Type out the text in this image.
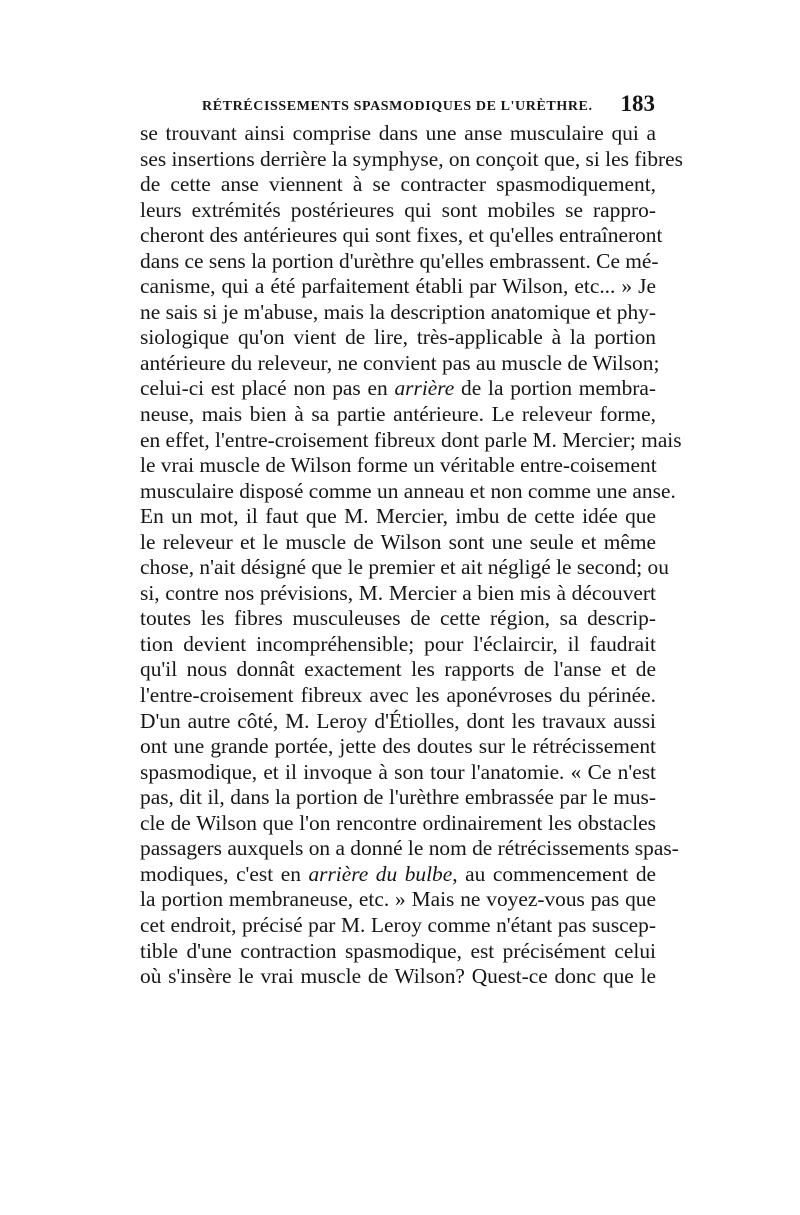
RÉTRÉCISSEMENTS SPASMODIQUES DE L'URÈTHRE. 183
se trouvant ainsi comprise dans une anse musculaire qui a
ses insertions derrière la symphyse, on conçoit que, si les fibres
de cette anse viennent à se contracter spasmodiquement,
leurs extrémités postérieures qui sont mobiles se rappro-
cheront des antérieures qui sont fixes, et qu'elles entraîneront
dans ce sens la portion d'urèthre qu'elles embrassent. Ce mé-
canisme, qui a été parfaitement établi par Wilson, etc... » Je
ne sais si je m'abuse, mais la description anatomique et phy-
siologique qu'on vient de lire, très-applicable à la portion
antérieure du releveur, ne convient pas au muscle de Wilson;
celui-ci est placé non pas en arrière de la portion membra-
neuse, mais bien à sa partie antérieure. Le releveur forme,
en effet, l'entre-croisement fibreux dont parle M. Mercier; mais
le vrai muscle de Wilson forme un véritable entre-coisement
musculaire disposé comme un anneau et non comme une anse.
En un mot, il faut que M. Mercier, imbu de cette idée que
le releveur et le muscle de Wilson sont une seule et même
chose, n'ait désigné que le premier et ait négligé le second; ou
si, contre nos prévisions, M. Mercier a bien mis à découvert
toutes les fibres musculeuses de cette région, sa descrip-
tion devient incompréhensible; pour l'éclaircir, il faudrait
qu'il nous donnât exactement les rapports de l'anse et de
l'entre-croisement fibreux avec les aponévroses du périnée.
D'un autre côté, M. Leroy d'Étiolles, dont les travaux aussi
ont une grande portée, jette des doutes sur le rétrécissement
spasmodique, et il invoque à son tour l'anatomie. « Ce n'est
pas, dit il, dans la portion de l'urèthre embrassée par le mus-
cle de Wilson que l'on rencontre ordinairement les obstacles
passagers auxquels on a donné le nom de rétrécissements spas-
modiques, c'est en arrière du bulbe, au commencement de
la portion membraneuse, etc. » Mais ne voyez-vous pas que
cet endroit, précisé par M. Leroy comme n'étant pas suscep-
tible d'une contraction spasmodique, est précisément celui
où s'insère le vrai muscle de Wilson? Quest-ce donc que le
